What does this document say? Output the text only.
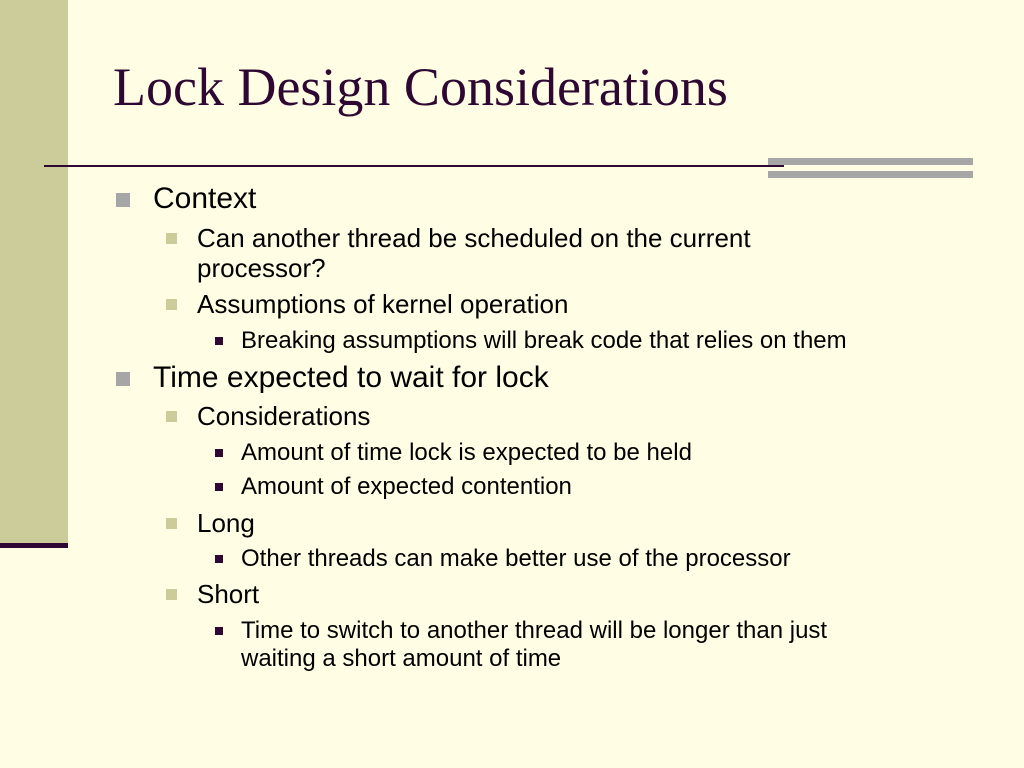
Lock Design Considerations
Context
Can another thread be scheduled on the current
processor?
Assumptions of kernel operation
Breaking assumptions will break code that relies on them
Time expected to wait for lock
Considerations
Amount of time lock is expected to be held
Amount of expected contention
Long
Other threads can make better use of the processor
Short
Time to switch to another thread will be longer than just
waiting a short amount of time
